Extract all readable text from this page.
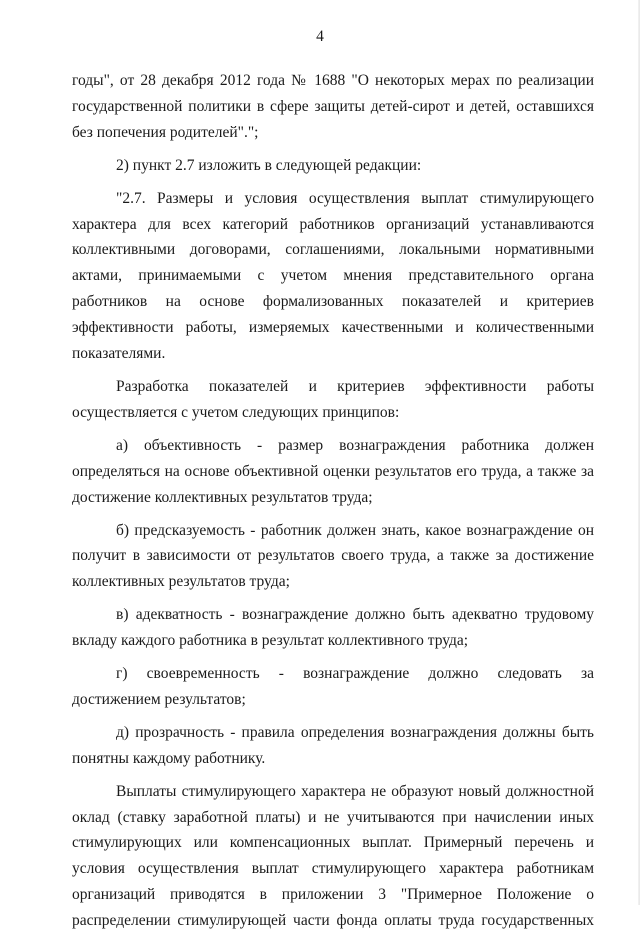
4

годы", от 28 декабря 2012 года № 1688 "О некоторых мерах по реализации государственной политики в сфере защиты детей-сирот и детей, оставшихся без попечения родителей".";

2) пункт 2.7 изложить в следующей редакции:

"2.7. Размеры и условия осуществления выплат стимулирующего характера для всех категорий работников организаций устанавливаются коллективными договорами, соглашениями, локальными нормативными актами, принимаемыми с учетом мнения представительного органа работников на основе формализованных показателей и критериев эффективности работы, измеряемых качественными и количественными показателями.

Разработка показателей и критериев эффективности работы осуществляется с учетом следующих принципов:

а) объективность - размер вознаграждения работника должен определяться на основе объективной оценки результатов его труда, а также за достижение коллективных результатов труда;

б) предсказуемость - работник должен знать, какое вознаграждение он получит в зависимости от результатов своего труда, а также за достижение коллективных результатов труда;

в) адекватность - вознаграждение должно быть адекватно трудовому вкладу каждого работника в результат коллективного труда;

г) своевременность - вознаграждение должно следовать за достижением результатов;

д) прозрачность - правила определения вознаграждения должны быть понятны каждому работнику.

Выплаты стимулирующего характера не образуют новый должностной оклад (ставку заработной платы) и не учитываются при начислении иных стимулирующих или компенсационных выплат. Примерный перечень и условия осуществления выплат стимулирующего характера работникам организаций приводятся в приложении 3 "Примерное Положение о распределении стимулирующей части фонда оплаты труда государственных
